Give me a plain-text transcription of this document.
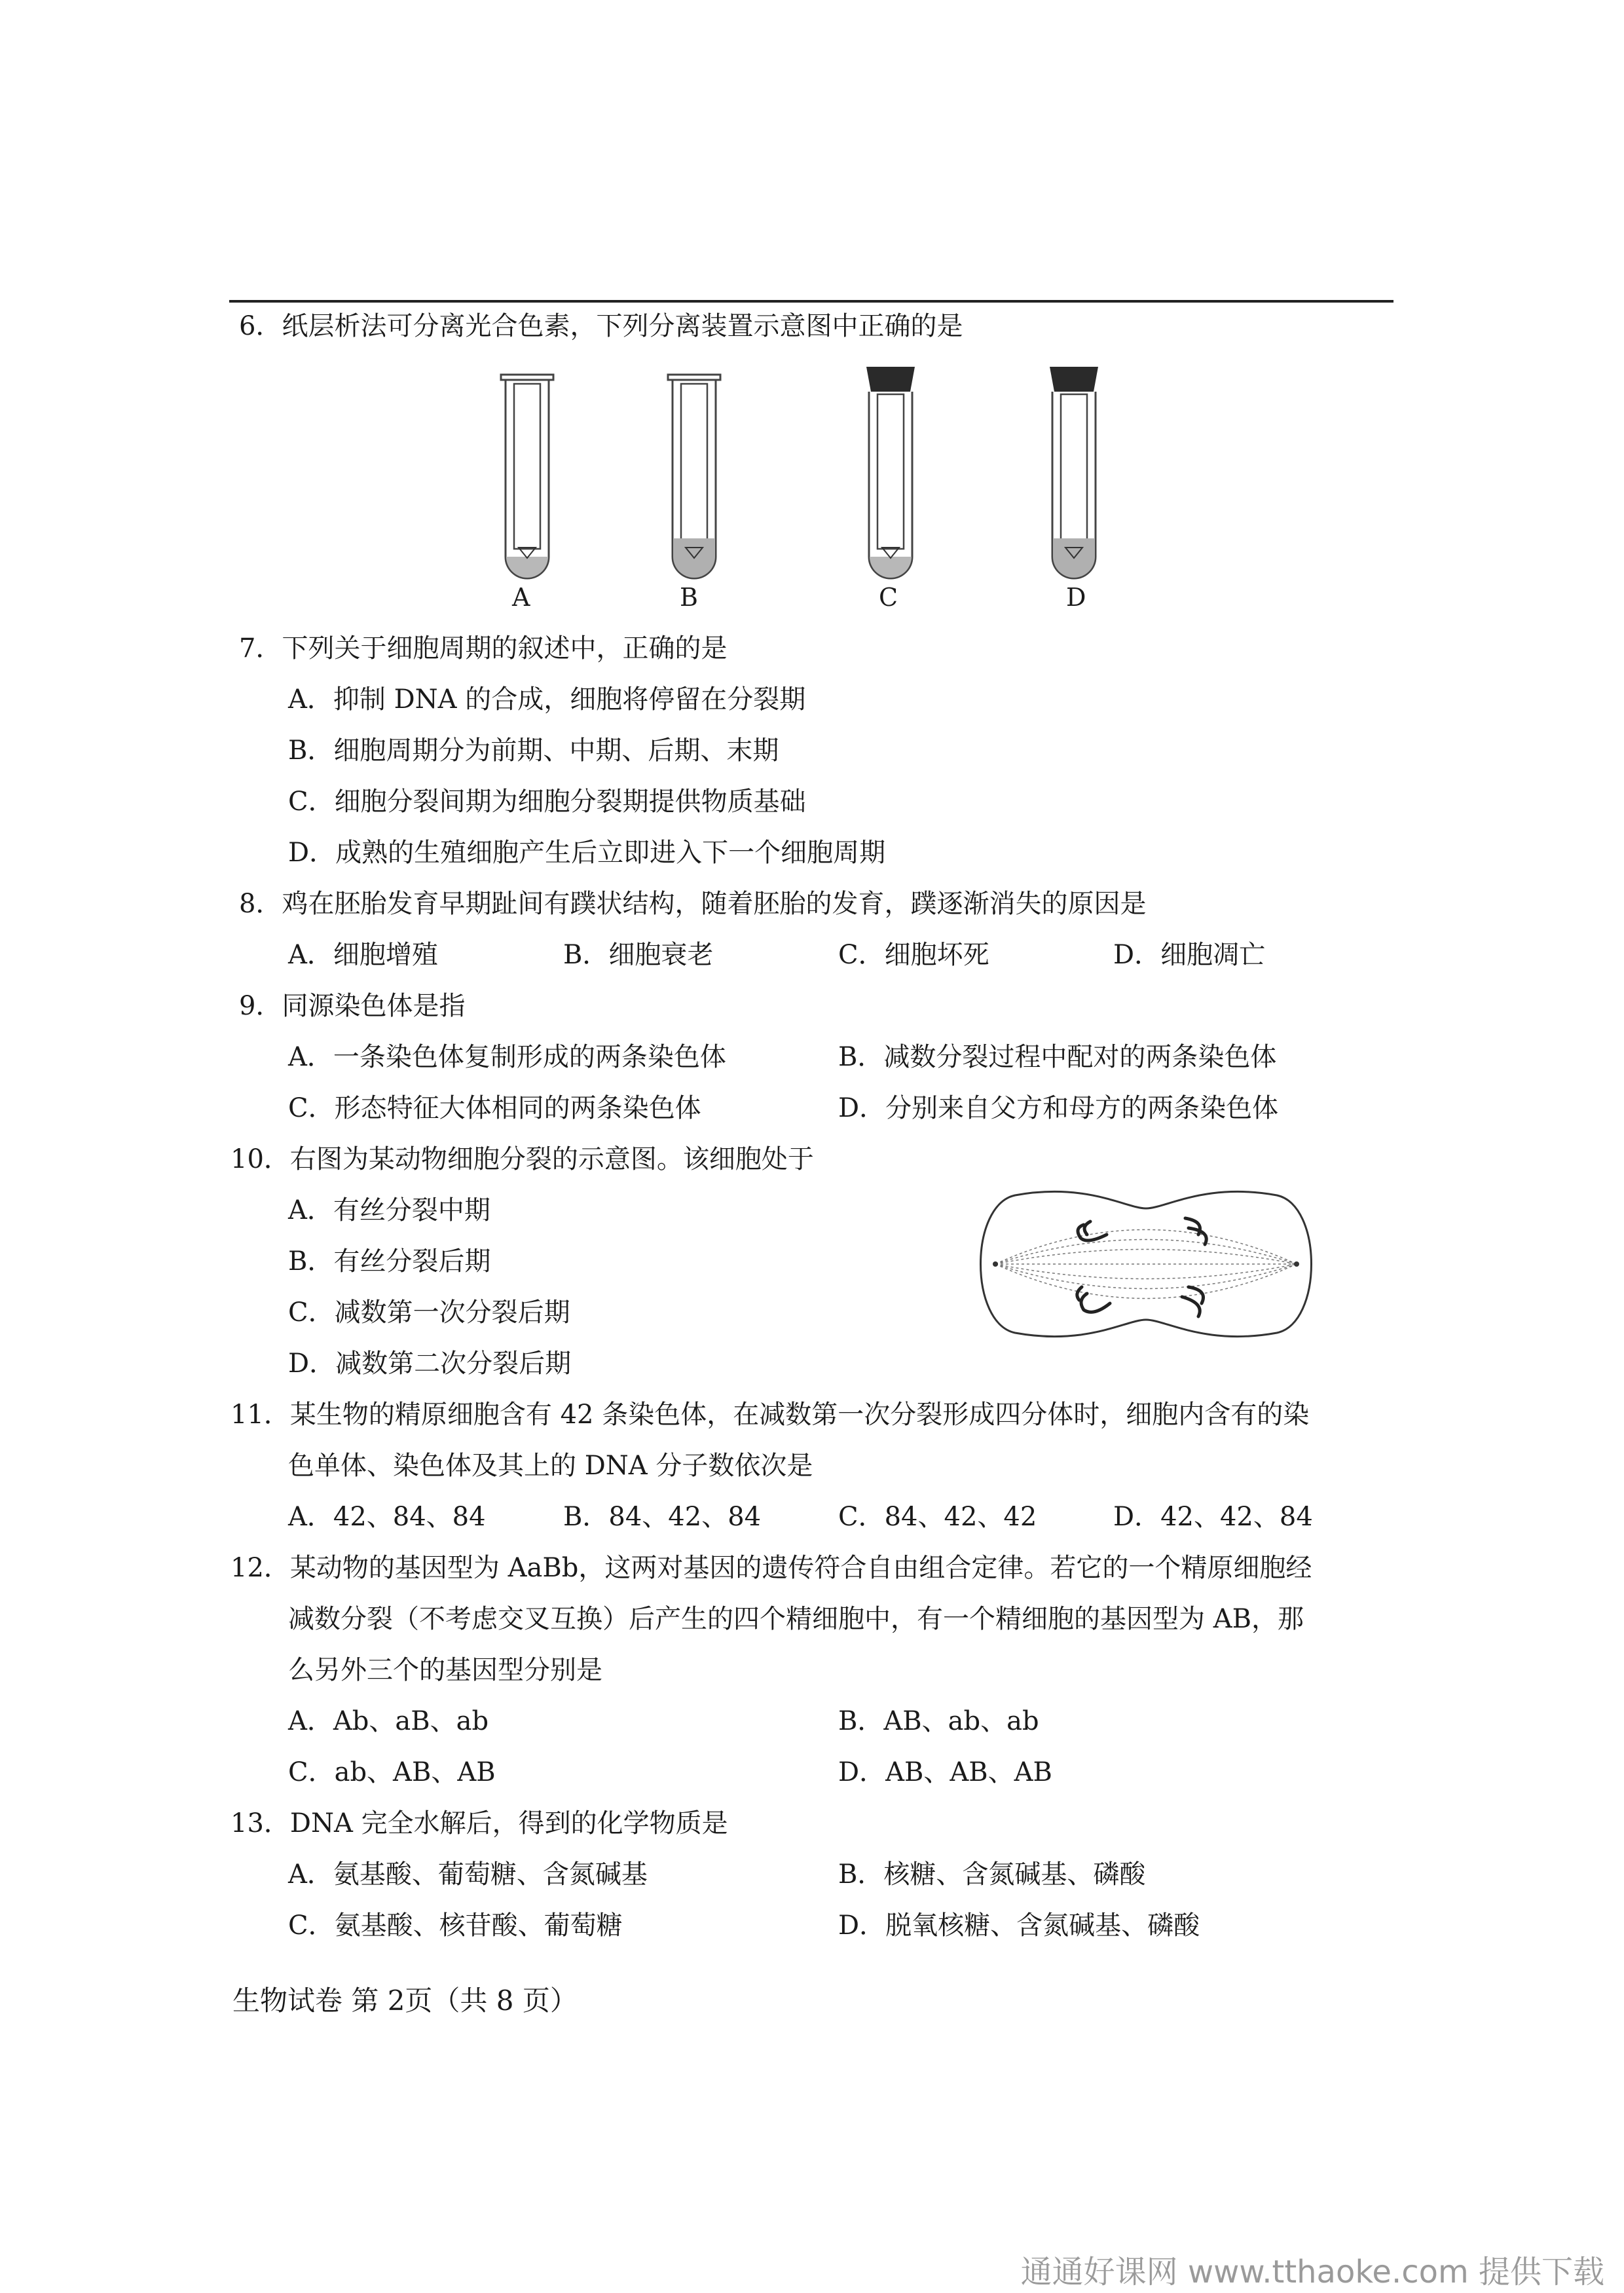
6．纸层析法可分离光合色素，下列分离装置示意图中正确的是
A	B	C	D
7．下列关于细胞周期的叙述中，正确的是
A．抑制 DNA 的合成，细胞将停留在分裂期
B．细胞周期分为前期、中期、后期、末期
C．细胞分裂间期为细胞分裂期提供物质基础
D．成熟的生殖细胞产生后立即进入下一个细胞周期
8．鸡在胚胎发育早期趾间有蹼状结构，随着胚胎的发育，蹼逐渐消失的原因是
A．细胞增殖	B．细胞衰老	C．细胞坏死	D．细胞凋亡
9．同源染色体是指
A．一条染色体复制形成的两条染色体	B．减数分裂过程中配对的两条染色体
C．形态特征大体相同的两条染色体	D．分别来自父方和母方的两条染色体
10．右图为某动物细胞分裂的示意图。该细胞处于
A．有丝分裂中期
B．有丝分裂后期
C．减数第一次分裂后期
D．减数第二次分裂后期
11．某生物的精原细胞含有 42 条染色体，在减数第一次分裂形成四分体时，细胞内含有的染
色单体、染色体及其上的 DNA 分子数依次是
A．42、84、84	B．84、42、84	C．84、42、42	D．42、42、84
12．某动物的基因型为 AaBb，这两对基因的遗传符合自由组合定律。若它的一个精原细胞经
减数分裂（不考虑交叉互换）后产生的四个精细胞中，有一个精细胞的基因型为 AB，那
么另外三个的基因型分别是
A．Ab、aB、ab	B．AB、ab、ab
C．ab、AB、AB	D．AB、AB、AB
13．DNA 完全水解后，得到的化学物质是
A．氨基酸、葡萄糖、含氮碱基	B．核糖、含氮碱基、磷酸
C．氨基酸、核苷酸、葡萄糖	D．脱氧核糖、含氮碱基、磷酸
生物试卷 第 2页（共 8 页）
通通好课网 www.tthaoke.com 提供下载
